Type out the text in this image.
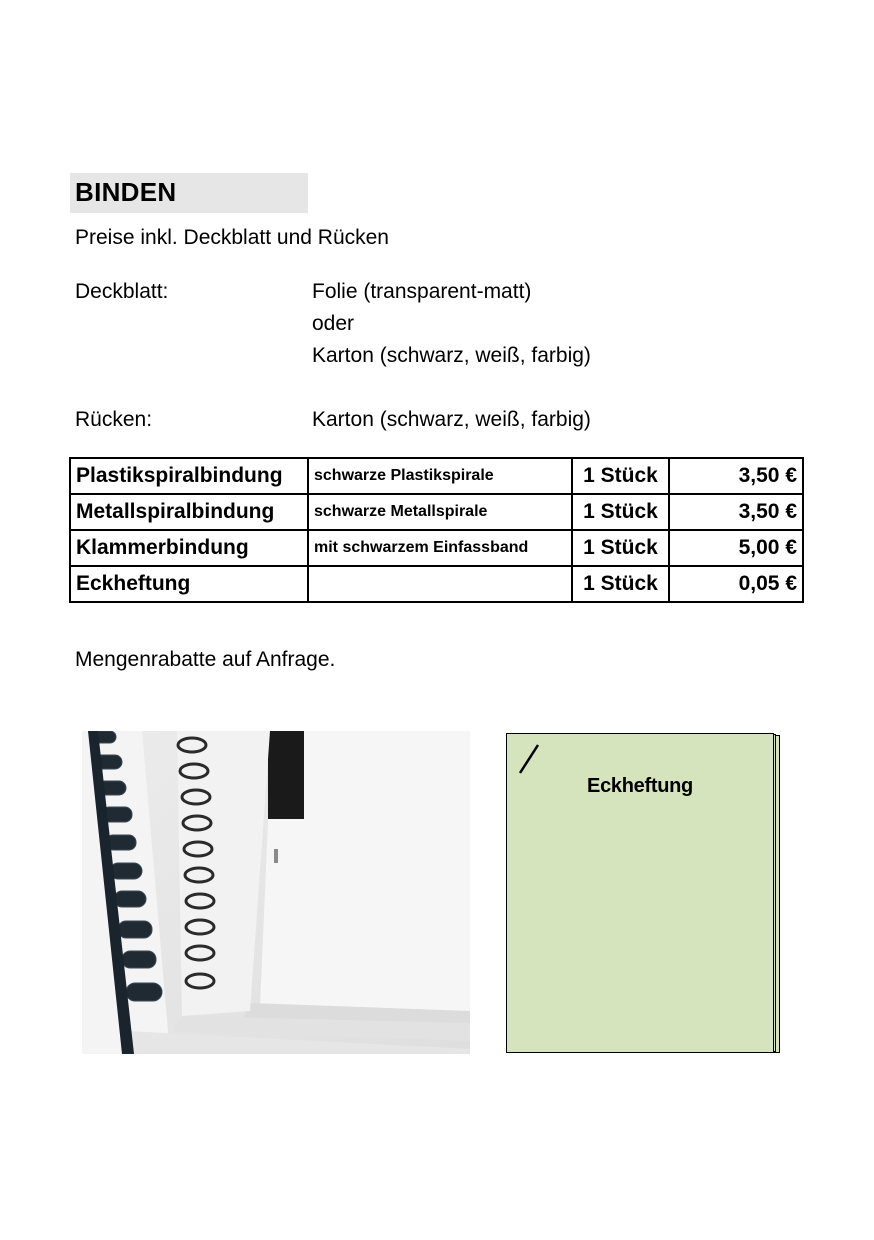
BINDEN
Preise inkl. Deckblatt und Rücken
Deckblatt:	Folie (transparent-matt)
oder
Karton (schwarz, weiß, farbig)
Rücken:	Karton (schwarz, weiß, farbig)
Plastikspiralbindung	schwarze Plastikspirale	1 Stück	3,50 €
Metallspiralbindung	schwarze Metallspirale	1 Stück	3,50 €
Klammerbindung	mit schwarzem Einfassband	1 Stück	5,00 €
Eckheftung		1 Stück	0,05 €
Mengenrabatte auf Anfrage.
Eckheftung
